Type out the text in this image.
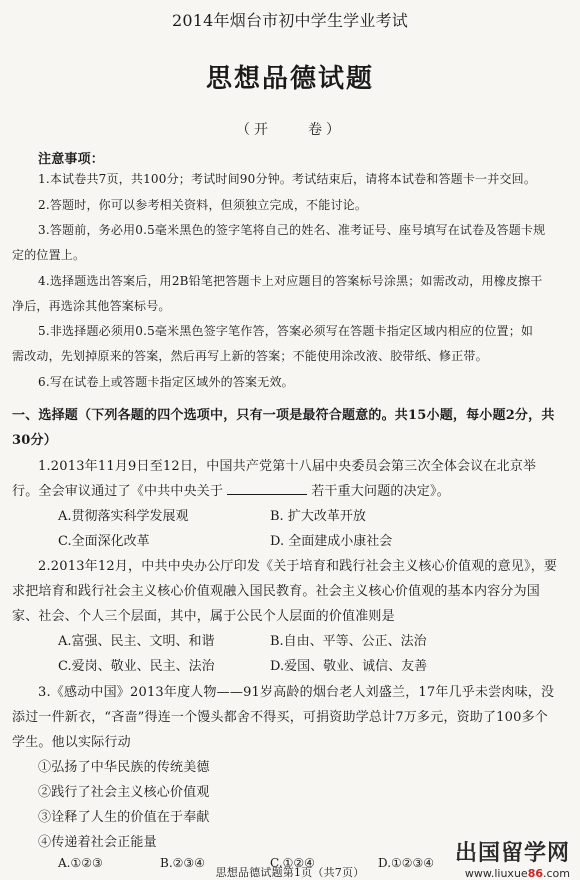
2014年烟台市初中学生学业考试
思想品德试题
（开　　卷）
注意事项：
1.本试卷共7页，共100分；考试时间90分钟。考试结束后，请将本试卷和答题卡一并交回。
2.答题时，你可以参考相关资料，但须独立完成，不能讨论。
3.答题前，务必用0.5毫米黑色的签字笔将自己的姓名、准考证号、座号填写在试卷及答题卡规
定的位置上。
4.选择题选出答案后，用2B铅笔把答题卡上对应题目的答案标号涂黑；如需改动，用橡皮擦干
净后，再选涂其他答案标号。
5.非选择题必须用0.5毫米黑色签字笔作答，答案必须写在答题卡指定区域内相应的位置；如
需改动，先划掉原来的答案，然后再写上新的答案；不能使用涂改液、胶带纸、修正带。
6.写在试卷上或答题卡指定区域外的答案无效。
一、选择题（下列各题的四个选项中，只有一项是最符合题意的。共15小题，每小题2分，共
30分）
1.2013年11月9日至12日，中国共产党第十八届中央委员会第三次全体会议在北京举
行。全会审议通过了《中共中央关于	若干重大问题的决定》。
A.贯彻落实科学发展观	B. 扩大改革开放
C.全面深化改革	D. 全面建成小康社会
2.2013年12月，中共中央办公厅印发《关于培育和践行社会主义核心价值观的意见》，要
求把培育和践行社会主义核心价值观融入国民教育。社会主义核心价值观的基本内容分为国
家、社会、个人三个层面，其中，属于公民个人层面的价值准则是
A.富强、民主、文明、和谐	B.自由、平等、公正、法治
C.爱岗、敬业、民主、法治	D.爱国、敬业、诚信、友善
3.《感动中国》2013年度人物——91岁高龄的烟台老人刘盛兰，17年几乎未尝肉味，没
添过一件新衣，“吝啬”得连一个馒头都舍不得买，可捐资助学总计7万多元，资助了100多个
学生。他以实际行动
①弘扬了中华民族的传统美德
②践行了社会主义核心价值观
③诠释了人生的价值在于奉献
④传递着社会正能量
A.①②③	B.②③④	C.①②④	D.①②③④
思想品德试题第1页（共7页）
出国留学网
www.liuxue86.com
